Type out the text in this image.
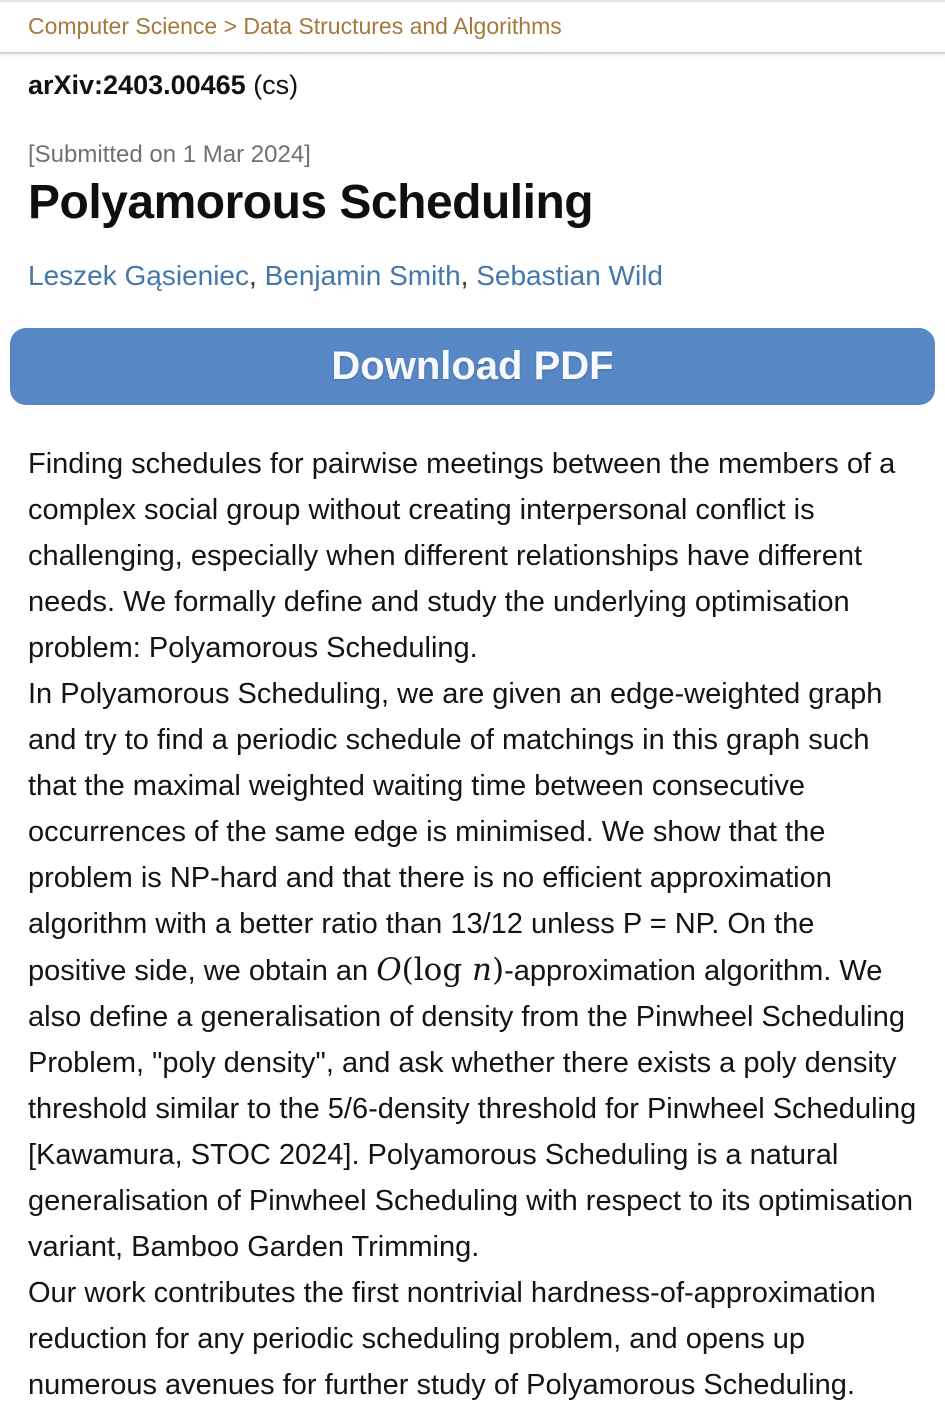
Computer Science > Data Structures and Algorithms
arXiv:2403.00465 (cs)
[Submitted on 1 Mar 2024]
Polyamorous Scheduling
Leszek Gąsieniec, Benjamin Smith, Sebastian Wild
Download PDF

Finding schedules for pairwise meetings between the members of a complex social group without creating interpersonal conflict is challenging, especially when different relationships have different needs. We formally define and study the underlying optimisation problem: Polyamorous Scheduling.

In Polyamorous Scheduling, we are given an edge-weighted graph and try to find a periodic schedule of matchings in this graph such that the maximal weighted waiting time between consecutive occurrences of the same edge is minimised. We show that the problem is NP-hard and that there is no efficient approximation algorithm with a better ratio than 13/12 unless P = NP. On the positive side, we obtain an O(log n)-approximation algorithm. We also define a generalisation of density from the Pinwheel Scheduling Problem, "poly density", and ask whether there exists a poly density threshold similar to the 5/6-density threshold for Pinwheel Scheduling [Kawamura, STOC 2024]. Polyamorous Scheduling is a natural generalisation of Pinwheel Scheduling with respect to its optimisation variant, Bamboo Garden Trimming.

Our work contributes the first nontrivial hardness-of-approximation reduction for any periodic scheduling problem, and opens up numerous avenues for further study of Polyamorous Scheduling.
